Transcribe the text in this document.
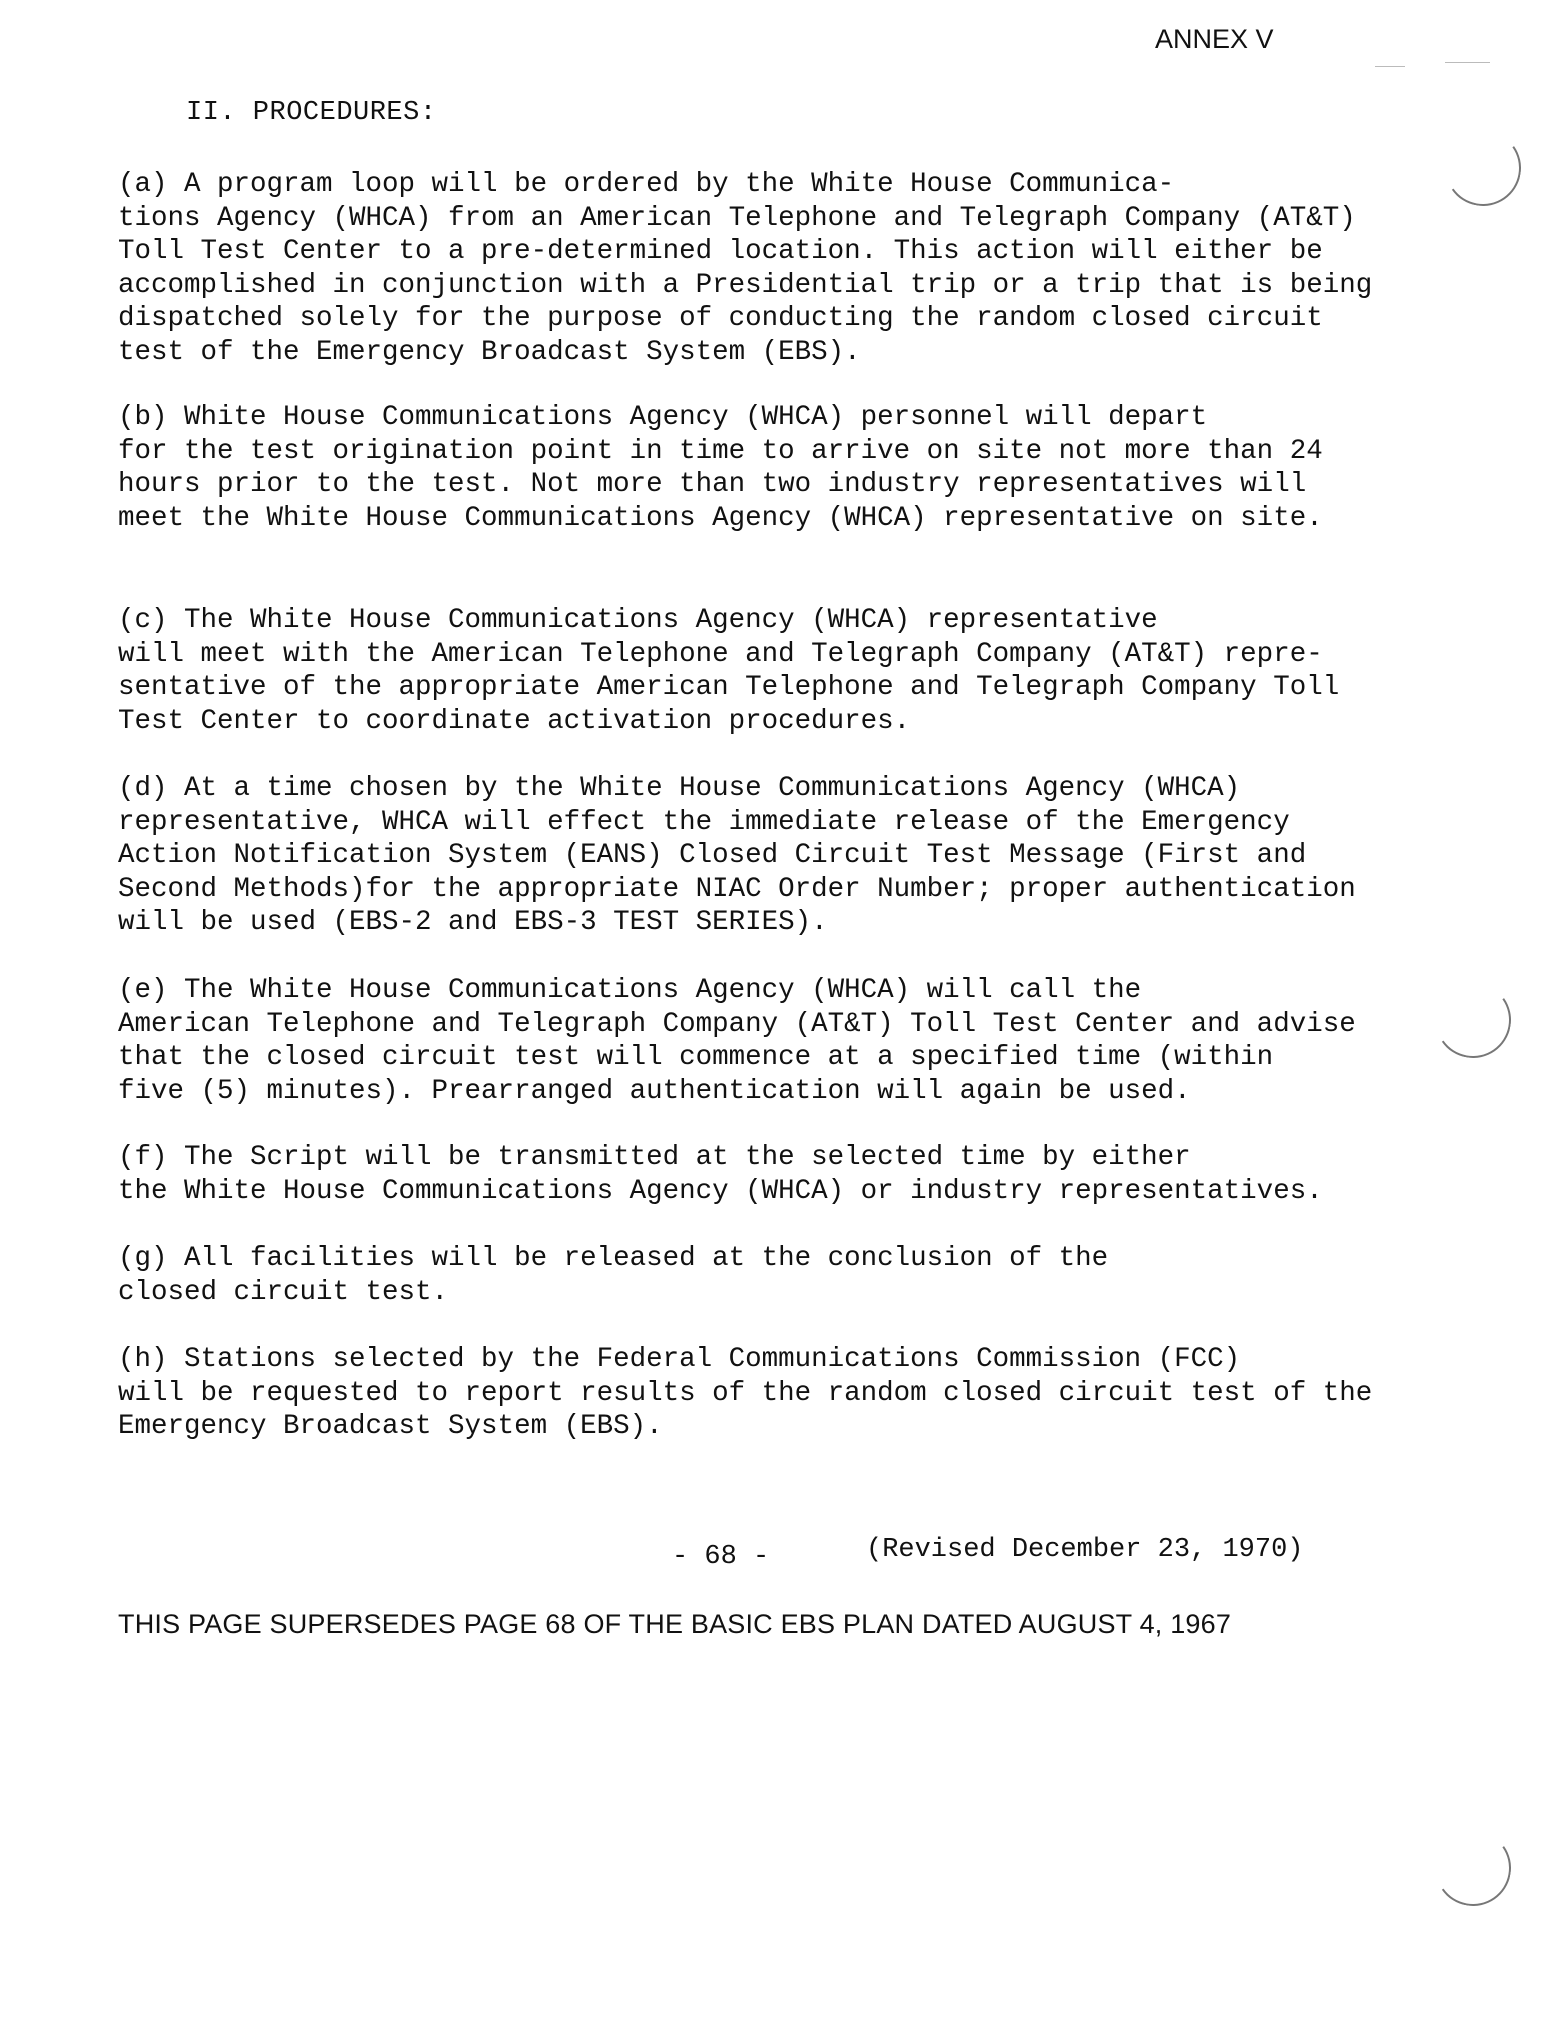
ANNEX V
II. PROCEDURES:

(a) A program loop will be ordered by the White House Communica-
tions Agency (WHCA) from an American Telephone and Telegraph Company (AT&T)
Toll Test Center to a pre-determined location. This action will either be
accomplished in conjunction with a Presidential trip or a trip that is being
dispatched solely for the purpose of conducting the random closed circuit
test of the Emergency Broadcast System (EBS).

(b) White House Communications Agency (WHCA) personnel will depart
for the test origination point in time to arrive on site not more than 24
hours prior to the test. Not more than two industry representatives will
meet the White House Communications Agency (WHCA) representative on site.

(c) The White House Communications Agency (WHCA) representative
will meet with the American Telephone and Telegraph Company (AT&T) repre-
sentative of the appropriate American Telephone and Telegraph Company Toll
Test Center to coordinate activation procedures.

(d) At a time chosen by the White House Communications Agency (WHCA)
representative, WHCA will effect the immediate release of the Emergency
Action Notification System (EANS) Closed Circuit Test Message (First and
Second Methods)for the appropriate NIAC Order Number; proper authentication
will be used (EBS-2 and EBS-3 TEST SERIES).

(e) The White House Communications Agency (WHCA) will call the
American Telephone and Telegraph Company (AT&T) Toll Test Center and advise
that the closed circuit test will commence at a specified time (within
five (5) minutes). Prearranged authentication will again be used.

(f) The Script will be transmitted at the selected time by either
the White House Communications Agency (WHCA) or industry representatives.

(g) All facilities will be released at the conclusion of the
closed circuit test.

(h) Stations selected by the Federal Communications Commission (FCC)
will be requested to report results of the random closed circuit test of the
Emergency Broadcast System (EBS).

- 68 -	(Revised December 23, 1970)
THIS PAGE SUPERSEDES PAGE 68 OF THE BASIC EBS PLAN DATED AUGUST 4, 1967
